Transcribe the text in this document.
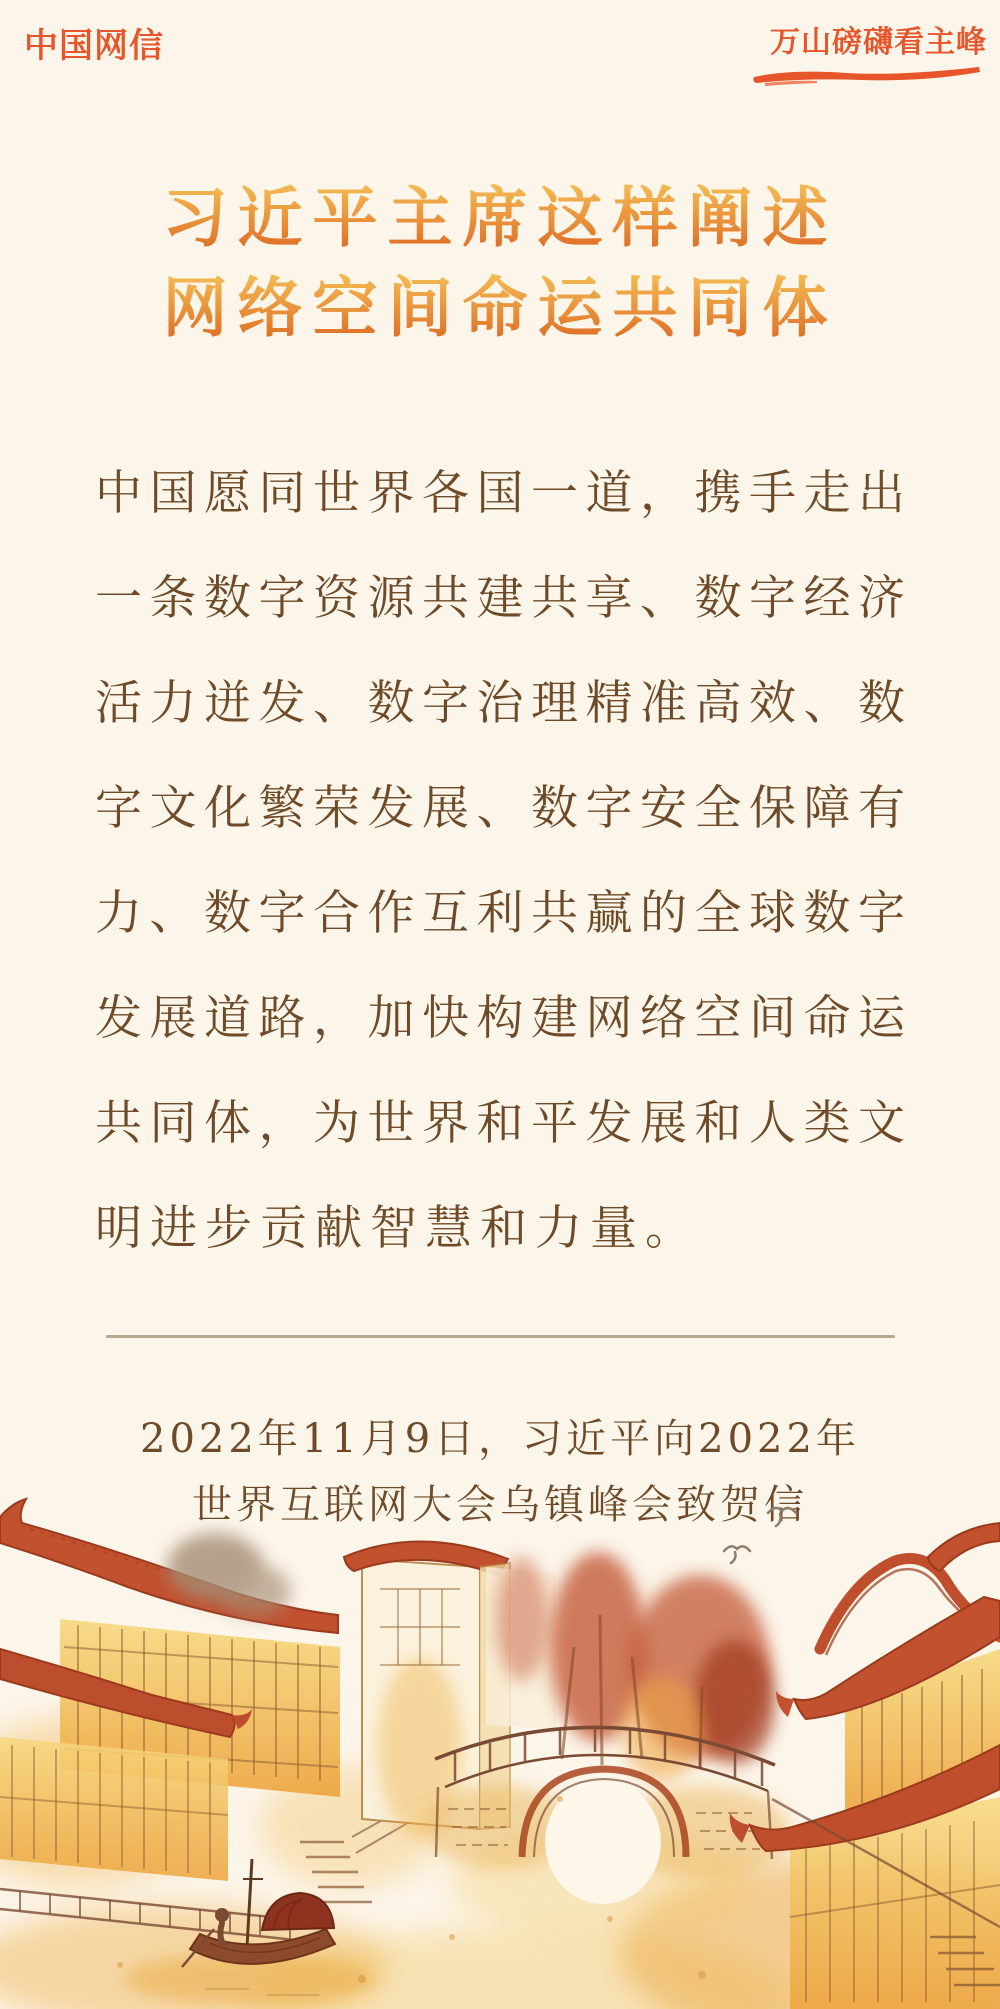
中国网信	万山磅礴看主峰
习近平主席这样阐述
网络空间命运共同体
中 国 愿 同 世 界 各 国 一 道 ， 携 手 走 出
一 条 数 字 资 源 共 建 共 享 、 数 字 经 济
活 力 迸 发 、 数 字 治 理 精 准 高 效 、 数
字 文 化 繁 荣 发 展 、 数 字 安 全 保 障 有
力 、 数 字 合 作 互 利 共 赢 的 全 球 数 字
发 展 道 路 ， 加 快 构 建 网 络 空 间 命 运
共 同 体 ， 为 世 界 和 平 发 展 和 人 类 文
明 进 步 贡 献 智 慧 和 力 量 。
2022年11月9日，习近平向2022年
世界互联网大会乌镇峰会致贺信
